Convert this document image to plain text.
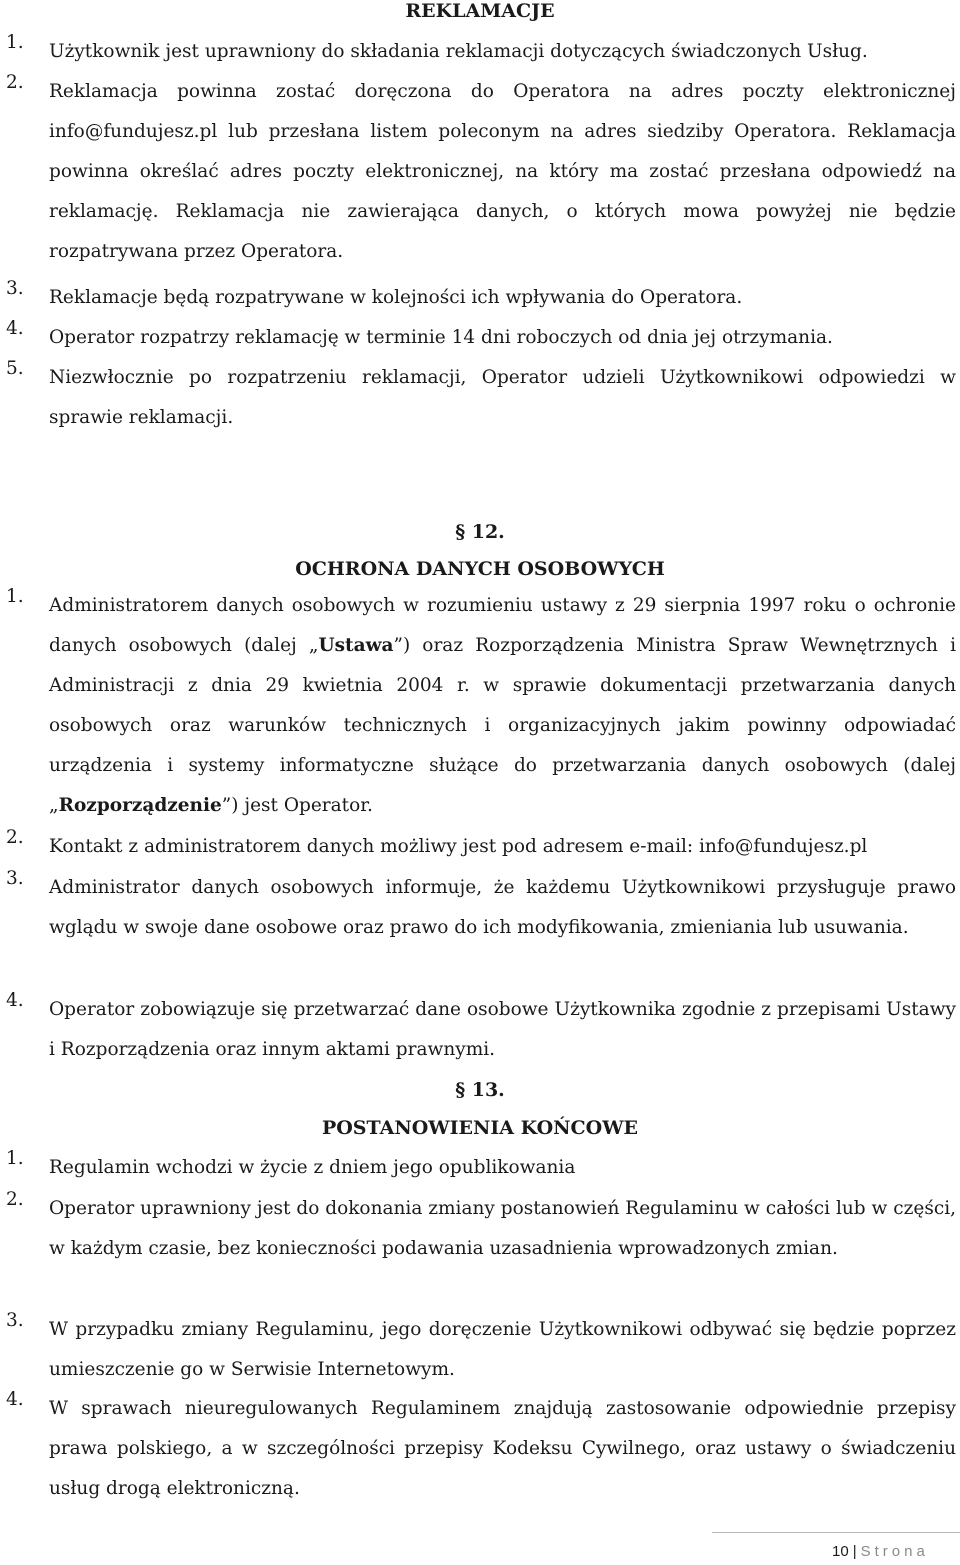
REKLAMACJE
1. Użytkownik jest uprawniony do składania reklamacji dotyczących świadczonych Usług.
2. Reklamacja powinna zostać doręczona do Operatora na adres poczty elektronicznej info@fundujesz.pl lub przesłana listem poleconym na adres siedziby Operatora. Reklamacja powinna określać adres poczty elektronicznej, na który ma zostać przesłana odpowiedź na reklamację. Reklamacja nie zawierająca danych, o których mowa powyżej nie będzie rozpatrywana przez Operatora.
3. Reklamacje będą rozpatrywane w kolejności ich wpływania do Operatora.
4. Operator rozpatrzy reklamację w terminie 14 dni roboczych od dnia jej otrzymania.
5. Niezwłocznie po rozpatrzeniu reklamacji, Operator udzieli Użytkownikowi odpowiedzi w sprawie reklamacji.
§ 12.
OCHRONA DANYCH OSOBOWYCH
1. Administratorem danych osobowych w rozumieniu ustawy z 29 sierpnia 1997 roku o ochronie danych osobowych (dalej „Ustawa”) oraz Rozporządzenia Ministra Spraw Wewnętrznych i Administracji z dnia 29 kwietnia 2004 r. w sprawie dokumentacji przetwarzania danych osobowych oraz warunków technicznych i organizacyjnych jakim powinny odpowiadać urządzenia i systemy informatyczne służące do przetwarzania danych osobowych (dalej „Rozporządzenie”) jest Operator.
2. Kontakt z administratorem danych możliwy jest pod adresem e-mail: info@fundujesz.pl
3. Administrator danych osobowych informuje, że każdemu Użytkownikowi przysługuje prawo wglądu w swoje dane osobowe oraz prawo do ich modyfikowania, zmieniania lub usuwania.
4. Operator zobowiązuje się przetwarzać dane osobowe Użytkownika zgodnie z przepisami Ustawy i Rozporządzenia oraz innym aktami prawnymi.
§ 13.
POSTANOWIENIA KOŃCOWE
1. Regulamin wchodzi w życie z dniem jego opublikowania
2. Operator uprawniony jest do dokonania zmiany postanowień Regulaminu w całości lub w części, w każdym czasie, bez konieczności podawania uzasadnienia wprowadzonych zmian.
3. W przypadku zmiany Regulaminu, jego doręczenie Użytkownikowi odbywać się będzie poprzez umieszczenie go w Serwisie Internetowym.
4. W sprawach nieuregulowanych Regulaminem znajdują zastosowanie odpowiednie przepisy prawa polskiego, a w szczególności przepisy Kodeksu Cywilnego, oraz ustawy o świadczeniu usług drogą elektroniczną.
10 | Strona
